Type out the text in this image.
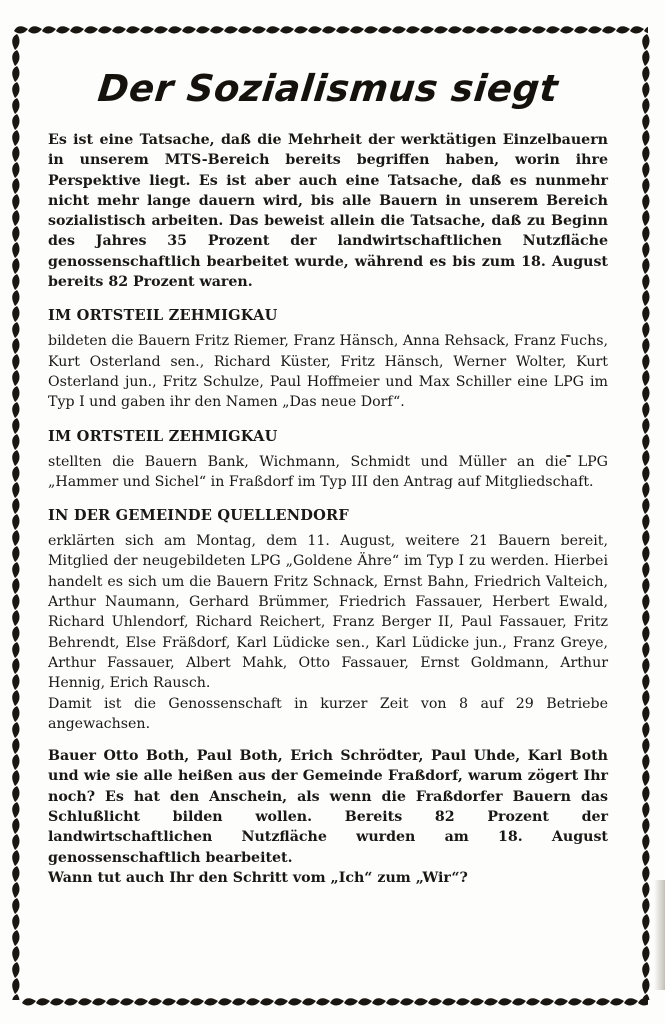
Der Sozialismus siegt

Es ist eine Tatsache, daß die Mehrheit der werktätigen Einzelbauern in unserem MTS-Bereich bereits begriffen haben, worin ihre Perspektive liegt. Es ist aber auch eine Tatsache, daß es nunmehr nicht mehr lange dauern wird, bis alle Bauern in unserem Bereich sozialistisch arbeiten. Das beweist allein die Tatsache, daß zu Beginn des Jahres 35 Prozent der landwirtschaftlichen Nutzfläche genossenschaftlich bearbeitet wurde, während es bis zum 18. August bereits 82 Prozent waren.

IM ORTSTEIL ZEHMIGKAU

bildeten die Bauern Fritz Riemer, Franz Hänsch, Anna Rehsack, Franz Fuchs, Kurt Osterland sen., Richard Küster, Fritz Hänsch, Werner Wolter, Kurt Osterland jun., Fritz Schulze, Paul Hoffmeier und Max Schiller eine LPG im Typ I und gaben ihr den Namen „Das neue Dorf“.

IM ORTSTEIL ZEHMIGKAU

stellten die Bauern Bank, Wichmann, Schmidt und Müller an die LPG „Hammer und Sichel“ in Fraßdorf im Typ III den Antrag auf Mitgliedschaft.

IN DER GEMEINDE QUELLENDORF

erklärten sich am Montag, dem 11. August, weitere 21 Bauern bereit, Mitglied der neugebildeten LPG „Goldene Ähre“ im Typ I zu werden. Hierbei handelt es sich um die Bauern Fritz Schnack, Ernst Bahn, Friedrich Valteich, Arthur Naumann, Gerhard Brümmer, Friedrich Fassauer, Herbert Ewald, Richard Uhlendorf, Richard Reichert, Franz Berger II, Paul Fassauer, Fritz Behrendt, Else Fräßdorf, Karl Lüdicke sen., Karl Lüdicke jun., Franz Greye, Arthur Fassauer, Albert Mahk, Otto Fassauer, Ernst Goldmann, Arthur Hennig, Erich Rausch.

Damit ist die Genossenschaft in kurzer Zeit von 8 auf 29 Betriebe angewachsen.

Bauer Otto Both, Paul Both, Erich Schrödter, Paul Uhde, Karl Both und wie sie alle heißen aus der Gemeinde Fraßdorf, warum zögert Ihr noch? Es hat den Anschein, als wenn die Fraßdorfer Bauern das Schlußlicht bilden wollen. Bereits 82 Prozent der landwirtschaftlichen Nutzfläche wurden am 18. August genossenschaftlich bearbeitet.

Wann tut auch Ihr den Schritt vom „Ich“ zum „Wir“?
